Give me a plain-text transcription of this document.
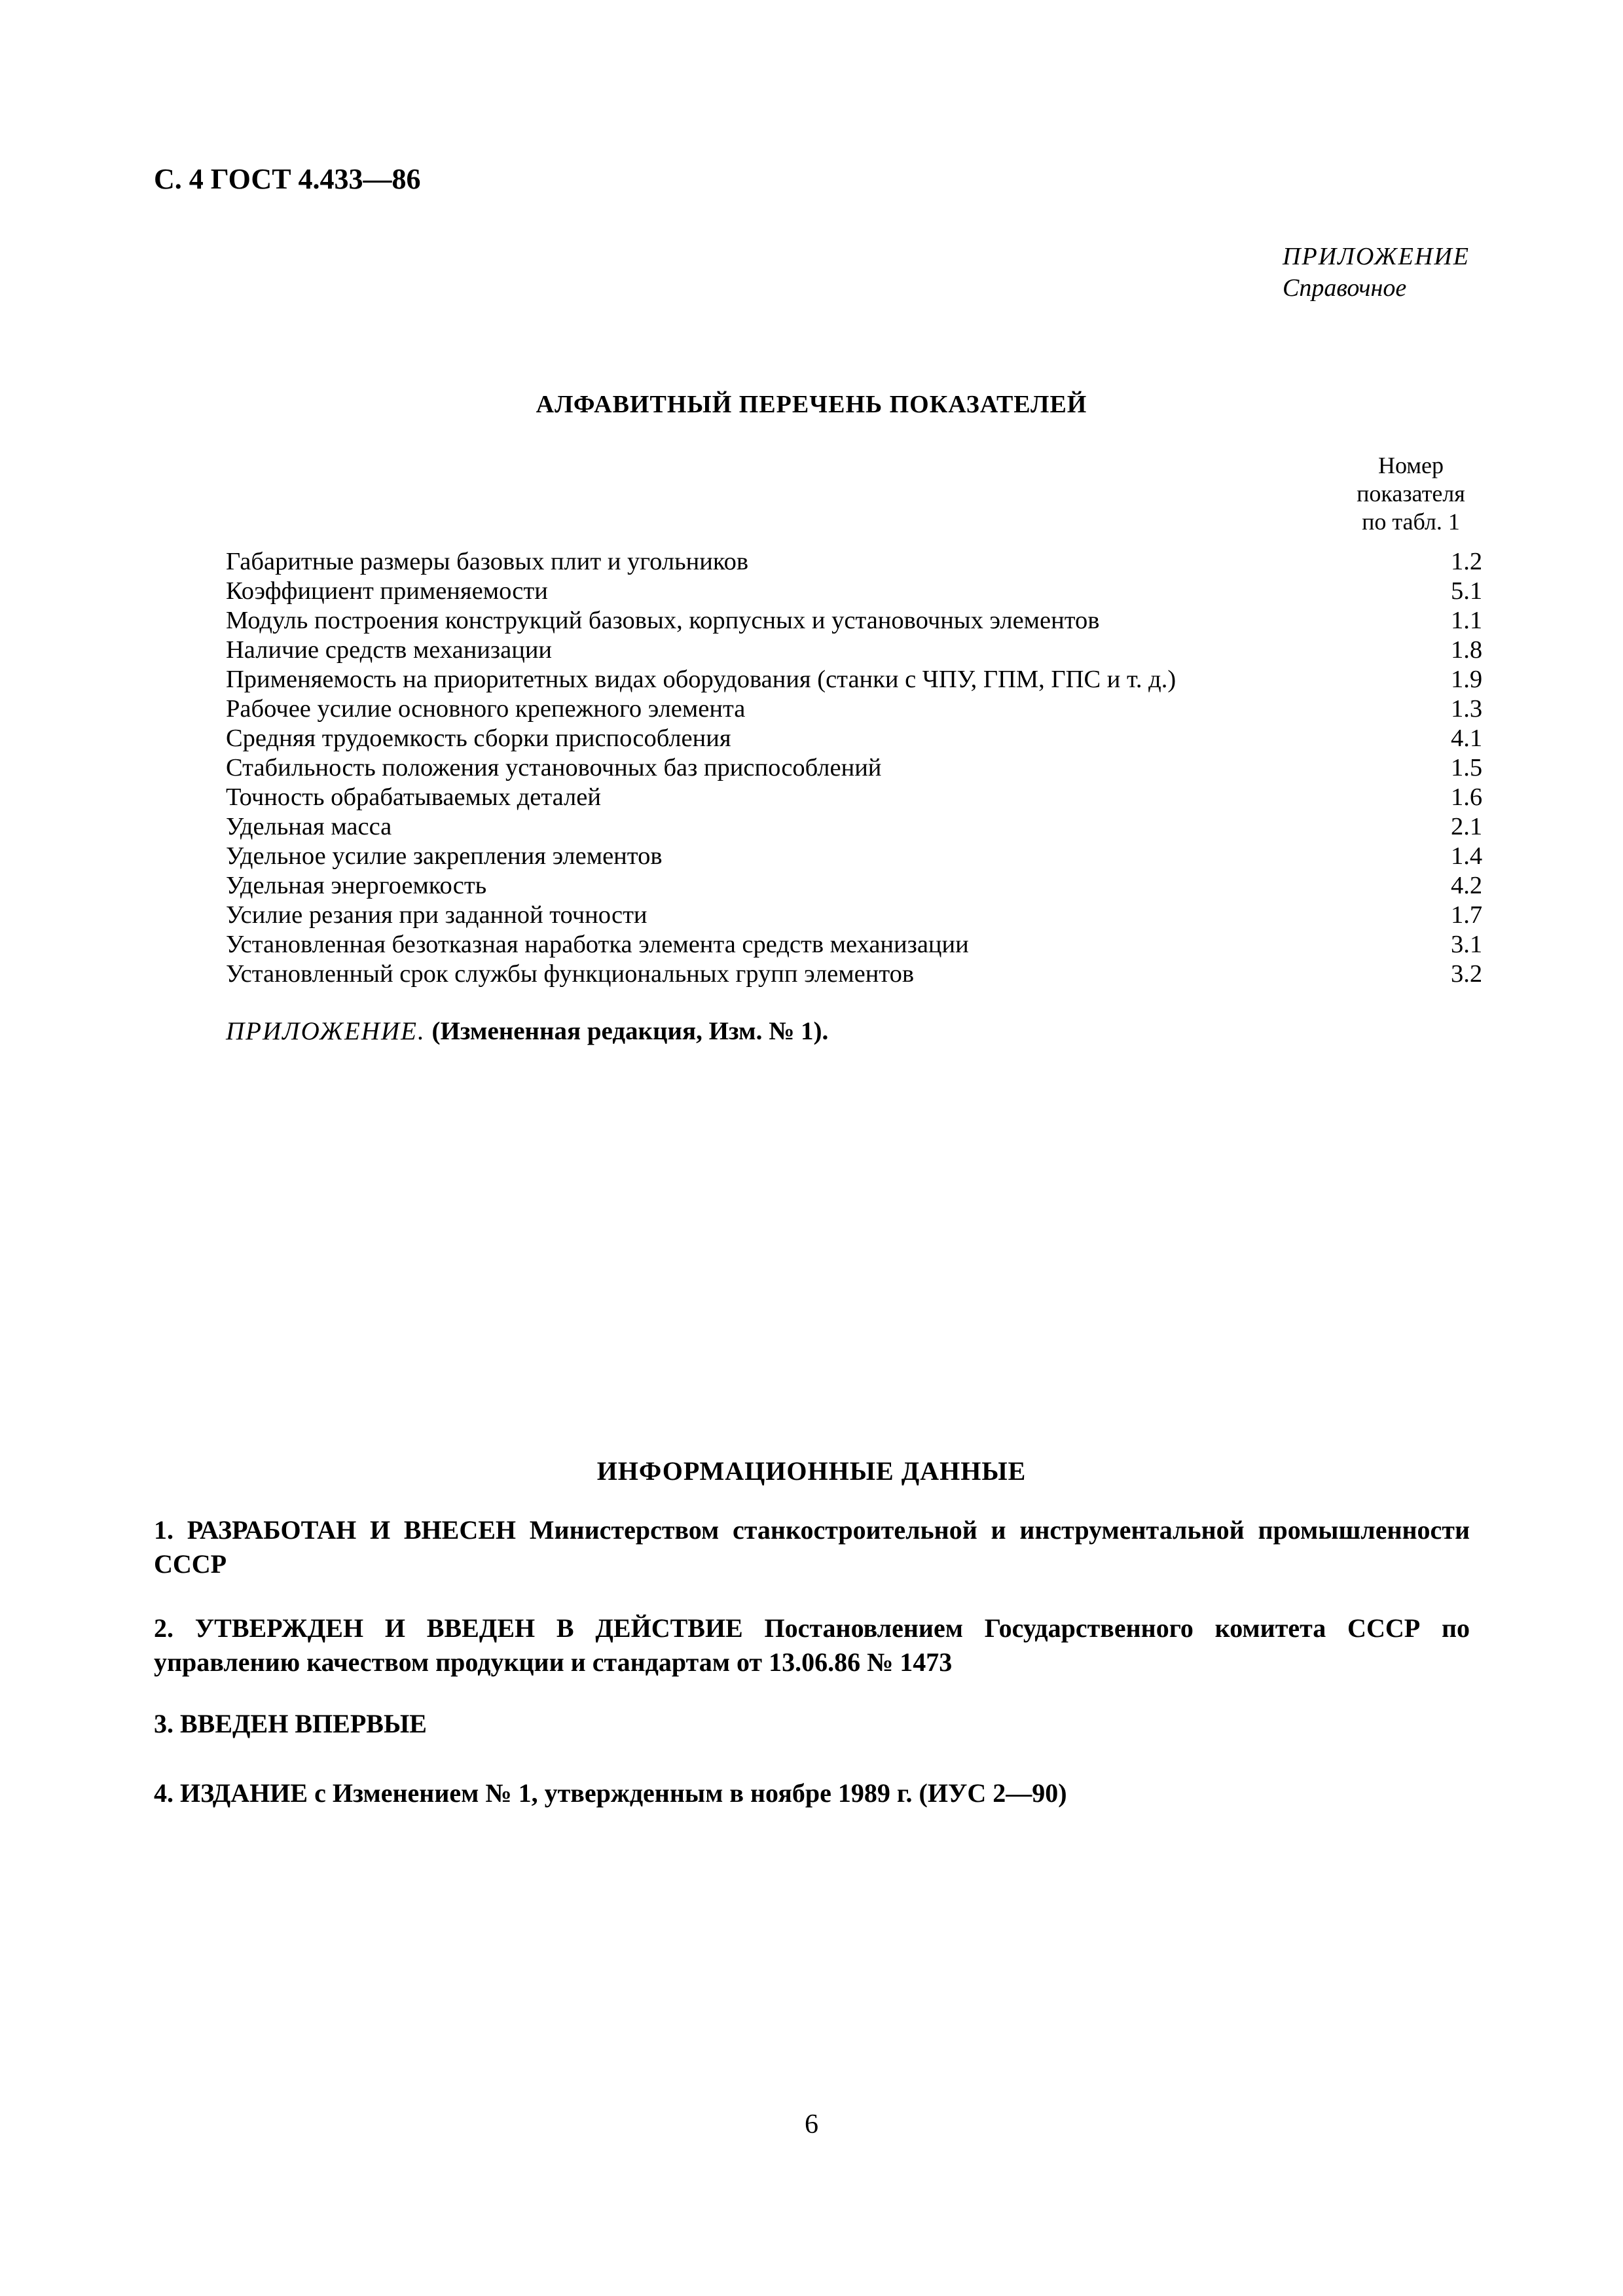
С. 4 ГОСТ 4.433—86
ПРИЛОЖЕНИЕ
Справочное
АЛФАВИТНЫЙ ПЕРЕЧЕНЬ ПОКАЗАТЕЛЕЙ
Номер
показателя
по табл. 1
Габаритные размеры базовых плит и угольников	1.2
Коэффициент применяемости	5.1
Модуль построения конструкций базовых, корпусных и установочных элементов	1.1
Наличие средств механизации	1.8
Применяемость на приоритетных видах оборудования (станки с ЧПУ, ГПМ, ГПС и т. д.)	1.9
Рабочее усилие основного крепежного элемента	1.3
Средняя трудоемкость сборки приспособления	4.1
Стабильность положения установочных баз приспособлений	1.5
Точность обрабатываемых деталей	1.6
Удельная масса	2.1
Удельное усилие закрепления элементов	1.4
Удельная энергоемкость	4.2
Усилие резания при заданной точности	1.7
Установленная безотказная наработка элемента средств механизации	3.1
Установленный срок службы функциональных групп элементов	3.2
ПРИЛОЖЕНИЕ. (Измененная редакция, Изм. № 1).
ИНФОРМАЦИОННЫЕ ДАННЫЕ

1. РАЗРАБОТАН И ВНЕСЕН Министерством станкостроительной и инструментальной промышленности СССР

2. УТВЕРЖДЕН И ВВЕДЕН В ДЕЙСТВИЕ Постановлением Государственного комитета СССР по управлению качеством продукции и стандартам от 13.06.86 № 1473

3. ВВЕДЕН ВПЕРВЫЕ

4. ИЗДАНИЕ с Изменением № 1, утвержденным в ноябре 1989 г. (ИУС 2—90)

6
